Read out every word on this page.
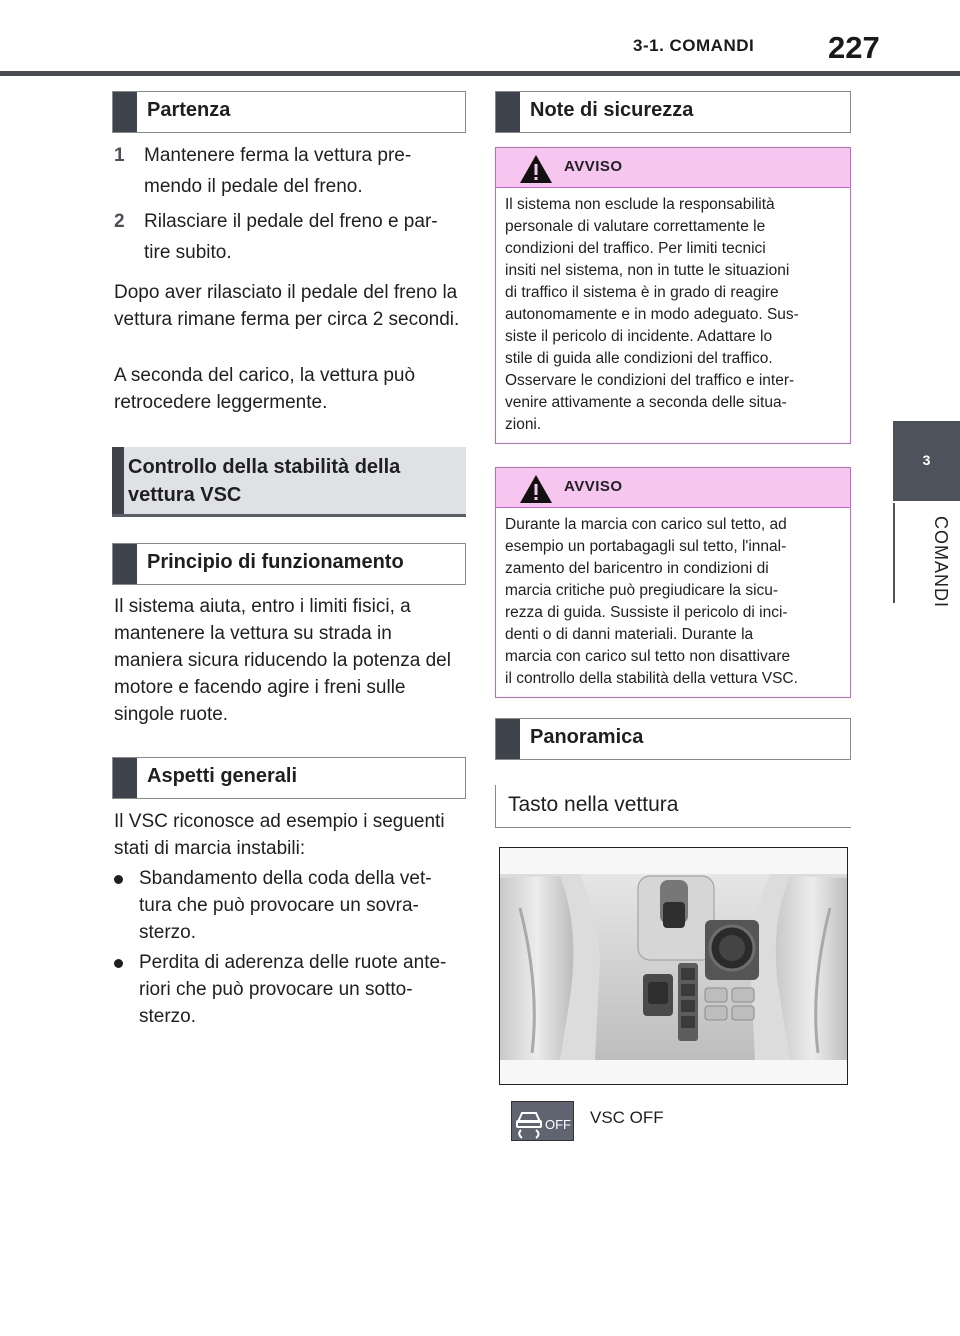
3-1. COMANDI 227
3
COMANDI
Partenza
1 Mantenere ferma la vettura pre-
mendo il pedale del freno.
2 Rilasciare il pedale del freno e par-
tire subito.
Dopo aver rilasciato il pedale del freno la vettura rimane ferma per circa 2 secondi.
A seconda del carico, la vettura può retrocedere leggermente.
Controllo della stabilità della
vettura VSC
Principio di funzionamento
Il sistema aiuta, entro i limiti fisici, a mantenere la vettura su strada in maniera sicura riducendo la potenza del motore e facendo agire i freni sulle singole ruote.
Aspetti generali
Il VSC riconosce ad esempio i seguenti stati di marcia instabili:
Sbandamento della coda della vet-
tura che può provocare un sovra-
sterzo.
Perdita di aderenza delle ruote ante-
riori che può provocare un sotto-
sterzo.
Note di sicurezza
AVVISO
Il sistema non esclude la responsabilità
personale di valutare correttamente le
condizioni del traffico. Per limiti tecnici
insiti nel sistema, non in tutte le situazioni
di traffico il sistema è in grado di reagire
autonomamente e in modo adeguato. Sus-
siste il pericolo di incidente. Adattare lo
stile di guida alle condizioni del traffico.
Osservare le condizioni del traffico e inter-
venire attivamente a seconda delle situa-
zioni.
AVVISO
Durante la marcia con carico sul tetto, ad
esempio un portabagagli sul tetto, l'innal-
zamento del baricentro in condizioni di
marcia critiche può pregiudicare la sicu-
rezza di guida. Sussiste il pericolo di inci-
denti o di danni materiali. Durante la
marcia con carico sul tetto non disattivare
il controllo della stabilità della vettura VSC.
Panoramica
Tasto nella vettura
OFF VSC OFF
